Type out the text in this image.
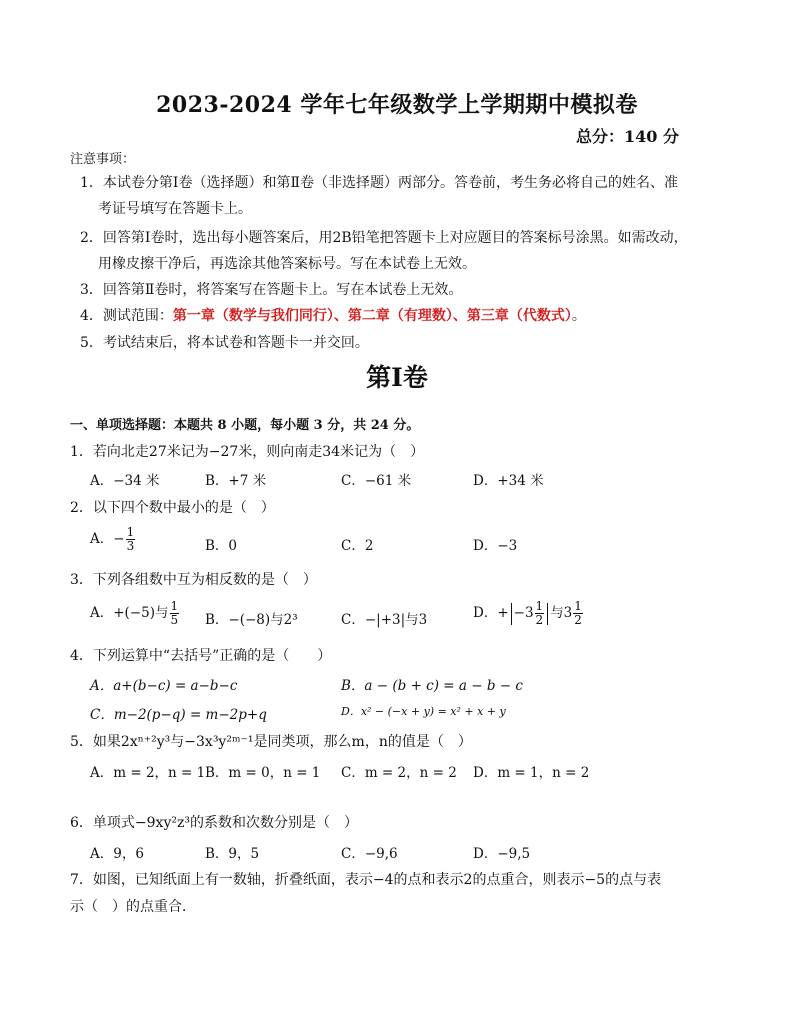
2023-2024 学年七年级数学上学期期中模拟卷
总分：140 分
注意事项：
1．本试卷分第Ⅰ卷（选择题）和第Ⅱ卷（非选择题）两部分。答卷前，考生务必将自己的姓名、准
考证号填写在答题卡上。
2．回答第Ⅰ卷时，选出每小题答案后，用2B铅笔把答题卡上对应题目的答案标号涂黑。如需改动，
用橡皮擦干净后，再选涂其他答案标号。写在本试卷上无效。
3．回答第Ⅱ卷时，将答案写在答题卡上。写在本试卷上无效。
4．测试范围：第一章（数学与我们同行）、第二章（有理数）、第三章（代数式）。
5．考试结束后，将本试卷和答题卡一并交回。
第Ⅰ卷
一、单项选择题：本题共 8 小题，每小题 3 分，共 24 分。
1．若向北走27米记为−27米，则向南走34米记为（　）
A．−34 米	B．+7 米	C．−61 米	D．+34 米
2．以下四个数中最小的是（　）
A．− $\frac{1}{3}$	B．0	C．2	D．−3
3．下列各组数中互为相反数的是（　）
A．+(−5)与 $\frac{1}{5}$ B．−(−8)与2³	C．−|+3|与3	D．+ $-3 \frac{1}{2}$ 与$3 \frac{1}{2}$
4．下列运算中“去括号”正确的是（　　）
A．a+(b−c) = a−b−c	B．a − (b + c) = a − b − c
C．m−2(p−q) = m−2p+q	D．x² − (−x + y) = x² + x + y
5．如果2xⁿ⁺²y³与−3x³y²ᵐ⁻¹是同类项，那么m，n的值是（　）
A．m = 2，n = 1 B．m = 0，n = 1 C．m = 2，n = 2 D．m = 1，n = 2
6．单项式−9xy²z³的系数和次数分别是（　）
A．9，6	B．9，5	C．−9,6	D．−9,5
7．如图，已知纸面上有一数轴，折叠纸面，表示−4的点和表示2的点重合，则表示−5的点与表
示（　）的点重合．
